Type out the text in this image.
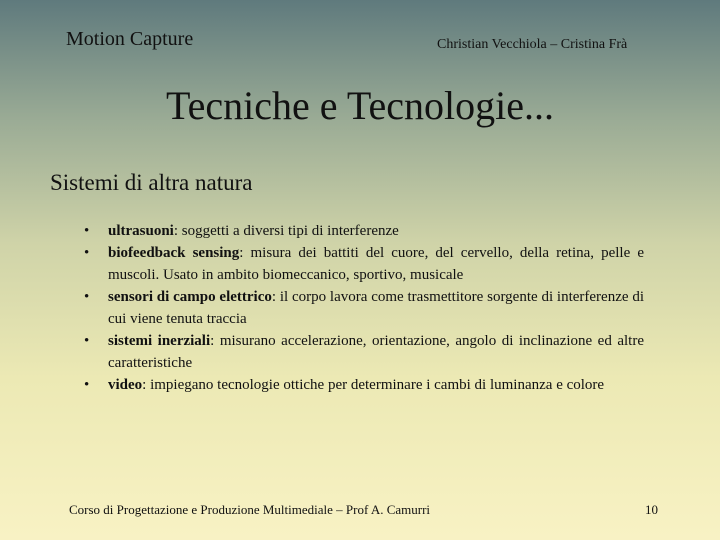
Motion Capture	Christian Vecchiola – Cristina Frà
Tecniche e Tecnologie...
Sistemi di altra natura
• ultrasuoni: soggetti a diversi tipi di interferenze
• biofeedback sensing: misura dei battiti del cuore, del cervello, della retina, pelle e muscoli. Usato in ambito biomeccanico, sportivo, musicale
• sensori di campo elettrico: il corpo lavora come trasmettitore sorgente di interferenze di cui viene tenuta traccia
• sistemi inerziali: misurano accelerazione, orientazione, angolo di inclinazione ed altre caratteristiche
• video: impiegano tecnologie ottiche per determinare i cambi di luminanza e colore
Corso di Progettazione e Produzione Multimediale – Prof A. Camurri	10
